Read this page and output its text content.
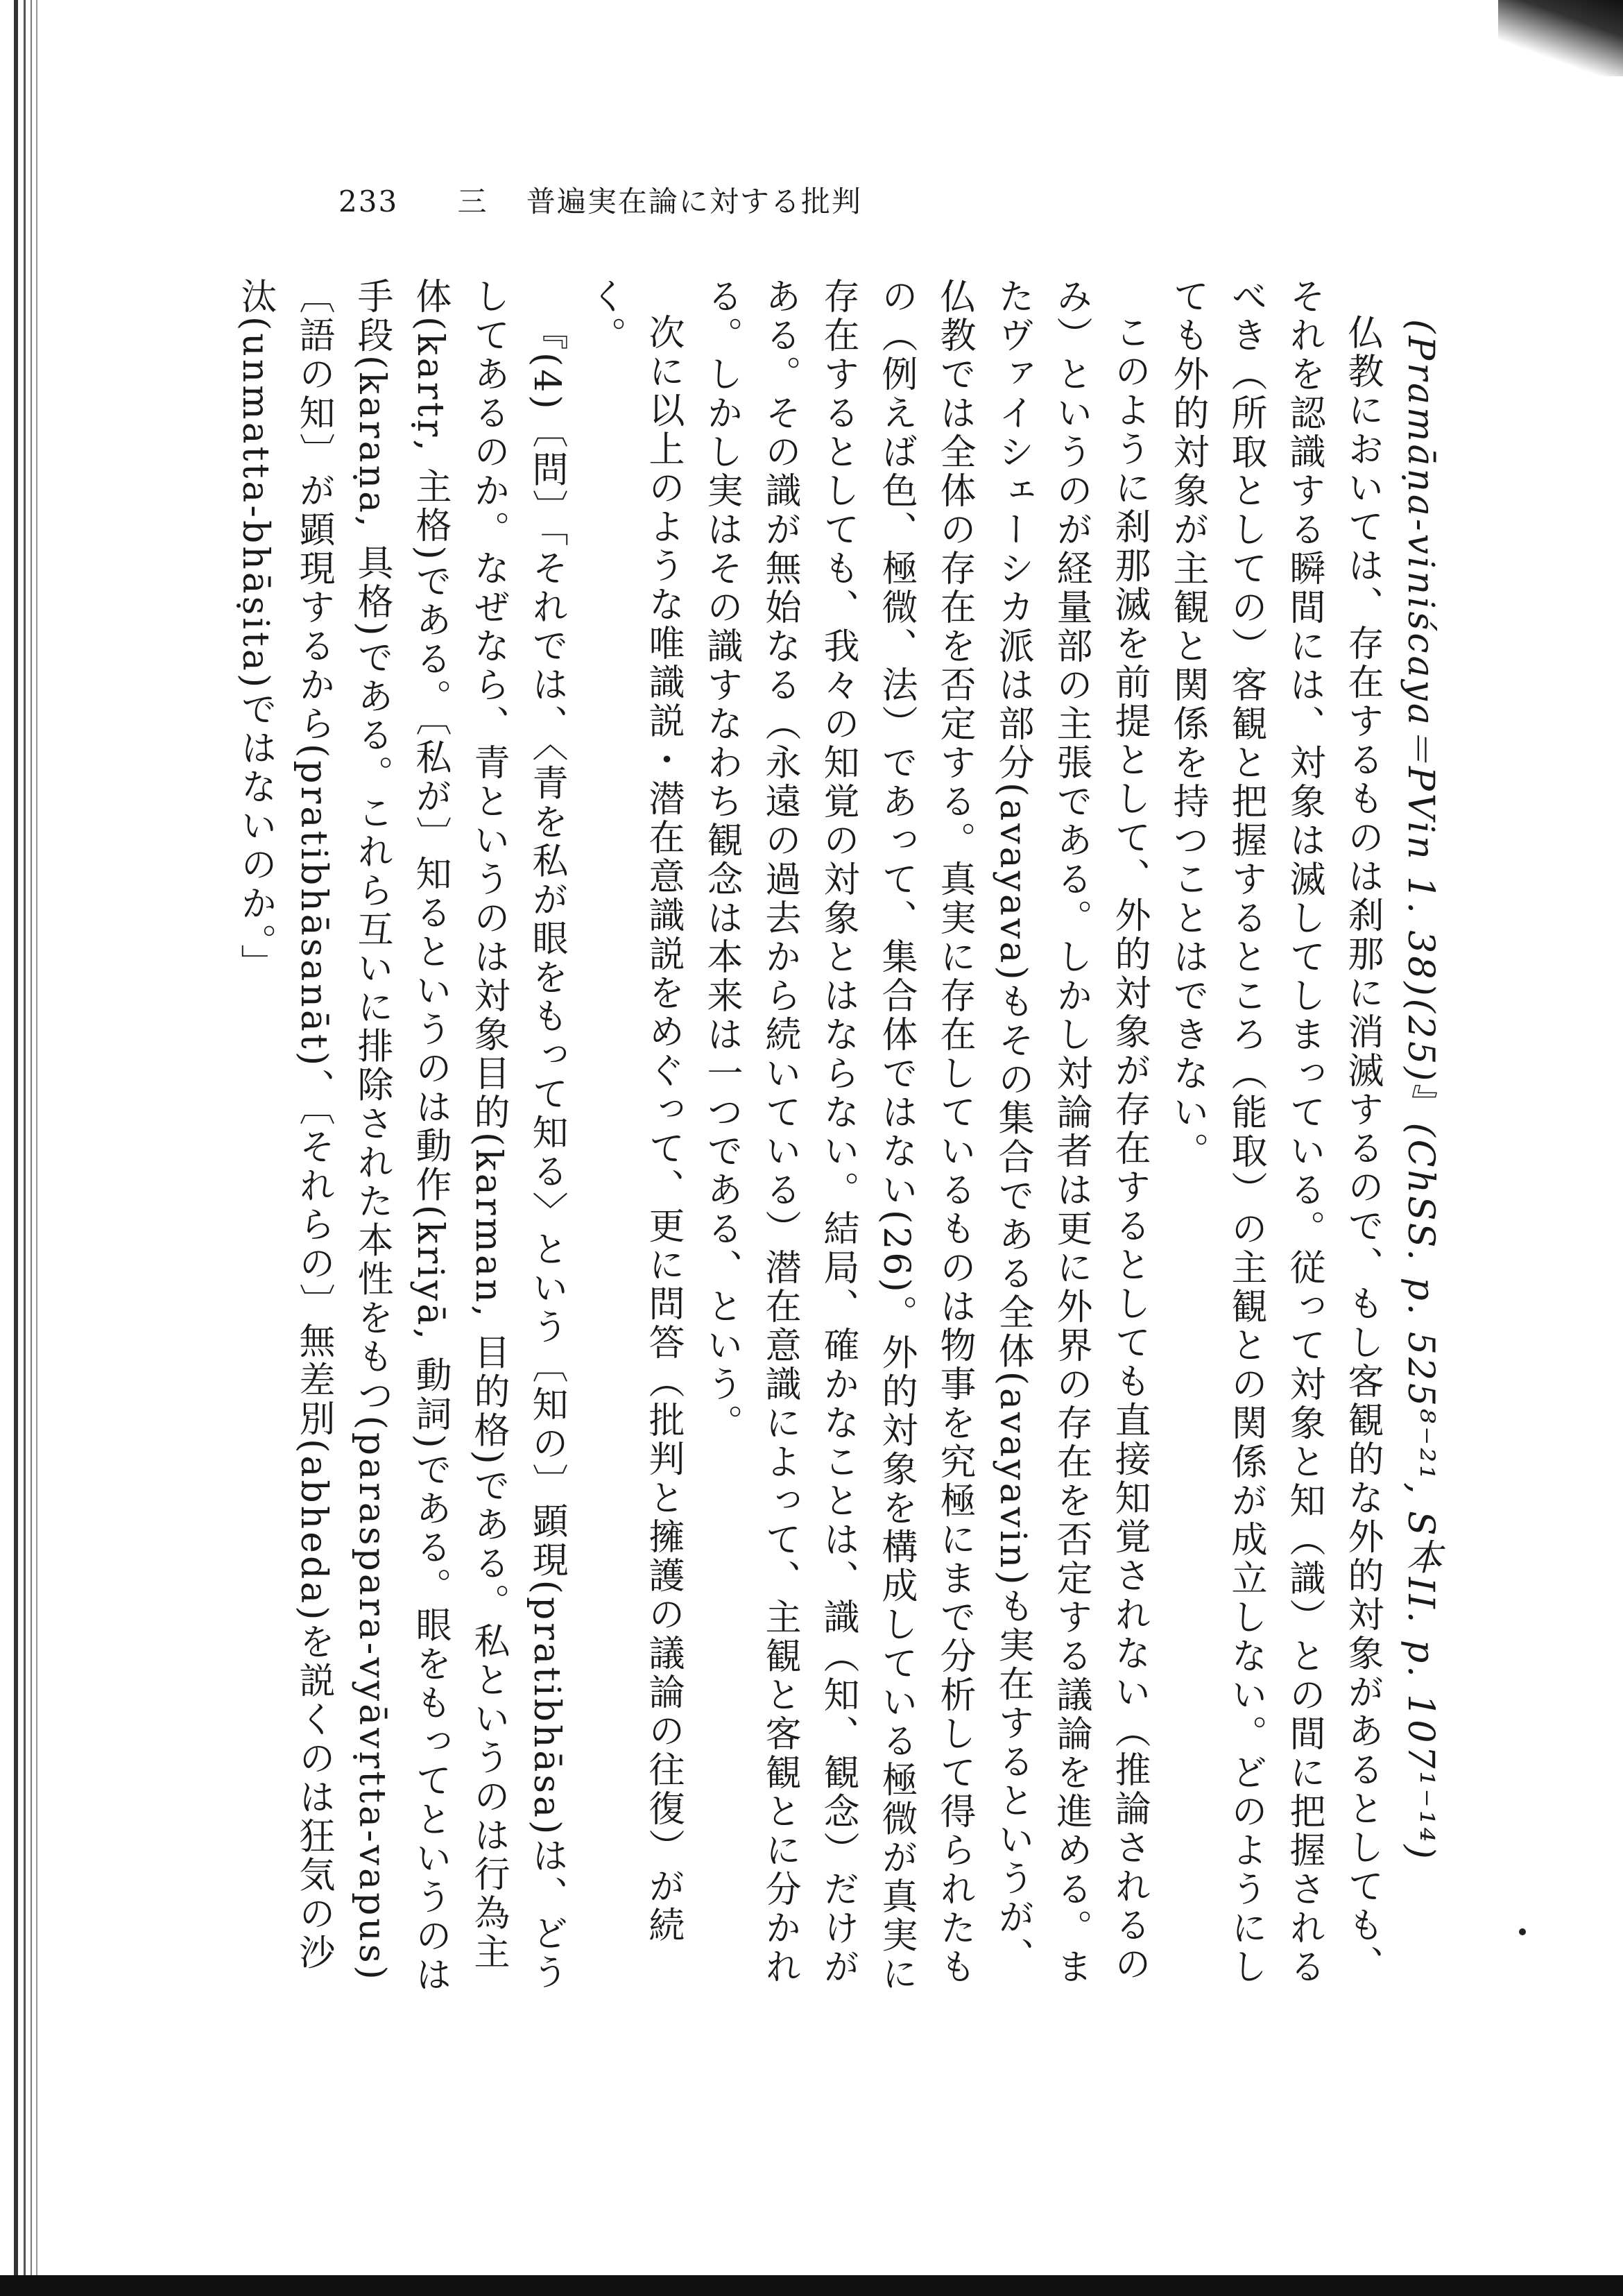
233 三 普遍実在論に対する批判

(Pramāṇa-viniścaya＝PVin 1. 38)(25)』(ChSS. p. 525⁸⁻²¹, S本II. p. 107¹⁻¹⁴)

仏教においては、存在するものは刹那に消滅するので、もし客観的な外的対象があるとしても、それを認識する瞬間には、対象は滅してしまっている。従って対象と知（識）との間に把握されるべき（所取としての）客観と把握するところ（能取）の主観との関係が成立しない。どのようにしても外的対象が主観と関係を持つことはできない。

このように刹那滅を前提として、外的対象が存在するとしても直接知覚されない（推論されるのみ）というのが経量部の主張である。しかし対論者は更に外界の存在を否定する議論を進める。またヴァイシェーシカ派は部分(avayava)もその集合である全体(avayavin)も実在するというが、仏教では全体の存在を否定する。真実に存在しているものは物事を究極にまで分析して得られたもの（例えば色、極微、法）であって、集合体ではない(26)。外的対象を構成している極微が真実に存在するとしても、我々の知覚の対象とはならない。結局、確かなことは、識（知、観念）だけがある。その識が無始なる（永遠の過去から続いている）潜在意識によって、主観と客観とに分かれる。しかし実はその識すなわち観念は本来は一つである、という。

次に以上のような唯識説・潜在意識説をめぐって、更に問答（批判と擁護の議論の往復）が続く。

『(4)〔問〕「それでは、〈青を私が眼をもって知る〉という〔知の〕顕現(pratibhāsa)は、どうしてあるのか。なぜなら、青というのは対象目的(karman, 目的格)である。私というのは行為主体(kartṛ, 主格)である。〔私が〕知るというのは動作(kriyā, 動詞)である。眼をもってというのは手段(karaṇa, 具格)である。これら互いに排除された本性をもつ(paraspara-vyāvṛtta-vapus)〔語の知〕が顕現するから(pratibhāsanāt)、〔それらの〕無差別(abheda)を説くのは狂気の沙汰(unmatta-bhāṣita)ではないのか。」
